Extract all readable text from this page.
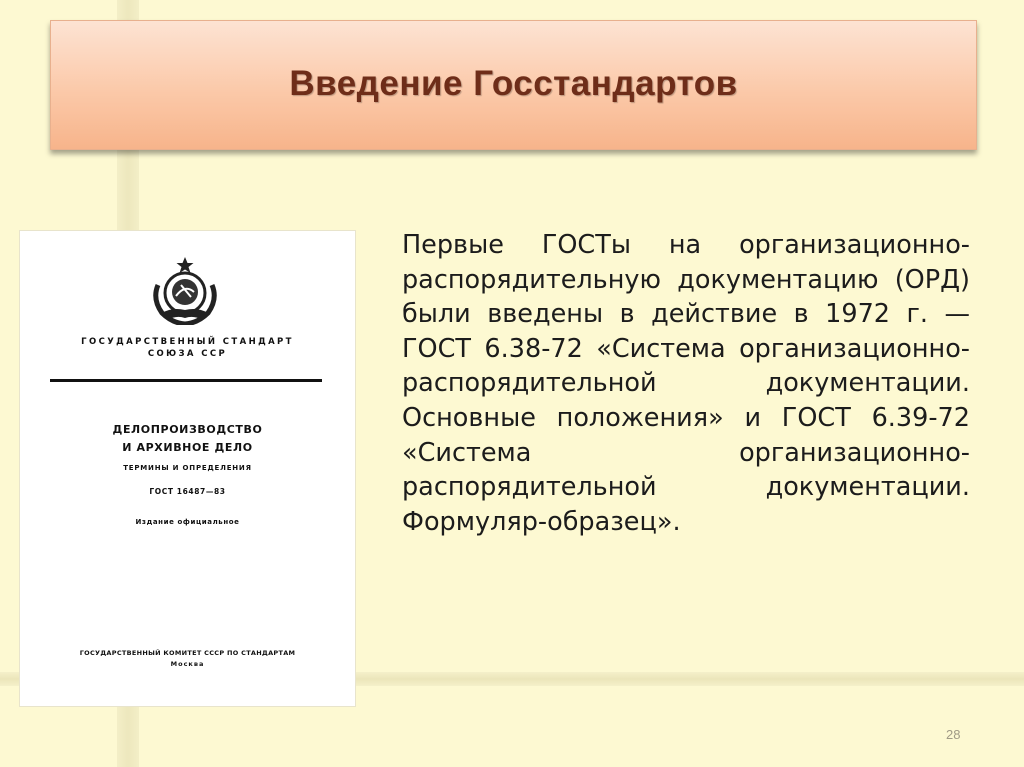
Введение Госстандартов
ГОСУДАРСТВЕННЫЙ СТАНДАРТ
СОЮЗА ССР
ДЕЛОПРОИЗВОДСТВО
И АРХИВНОЕ ДЕЛО
ТЕРМИНЫ И ОПРЕДЕЛЕНИЯ
ГОСТ 16487—83
Издание официальное
ГОСУДАРСТВЕННЫЙ КОМИТЕТ СССР ПО СТАНДАРТАМ
Москва
Первые ГОСТы на организационно-распорядительную документацию (ОРД) были введены в действие в 1972 г. — ГОСТ 6.38-72 «Система организационно-распорядительной документации. Основные положения» и ГОСТ 6.39-72 «Система организационно-распорядительной документации. Формуляр-образец».
28
